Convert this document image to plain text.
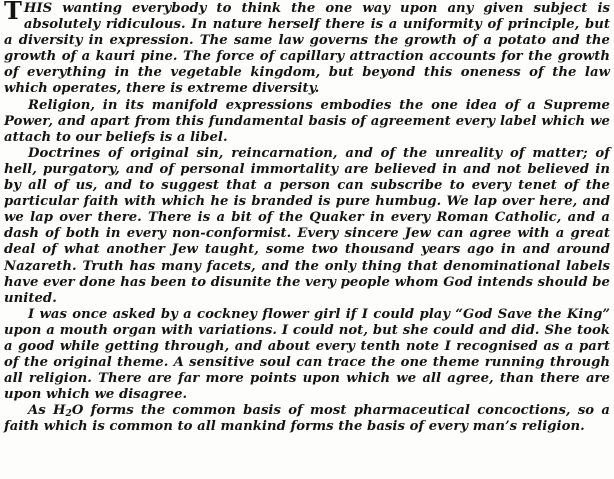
THIS wanting everybody to think the one way upon any given subject is absolutely ridiculous. In nature herself there is a uniformity of principle, but a diversity in expression. The same law governs the growth of a potato and the growth of a kauri pine. The force of capillary attraction accounts for the growth of everything in the vegetable kingdom, but beyond this oneness of the law which operates, there is extreme diversity.

Religion, in its manifold expressions embodies the one idea of a Supreme Power, and apart from this fundamental basis of agreement every label which we attach to our beliefs is a libel.

Doctrines of original sin, reincarnation, and of the unreality of matter; of hell, purgatory, and of personal immortality are believed in and not believed in by all of us, and to suggest that a person can subscribe to every tenet of the particular faith with which he is branded is pure humbug. We lap over here, and we lap over there. There is a bit of the Quaker in every Roman Catholic, and a dash of both in every non-conformist. Every sincere Jew can agree with a great deal of what another Jew taught, some two thousand years ago in and around Nazareth. Truth has many facets, and the only thing that denominational labels have ever done has been to disunite the very people whom God intends should be united.

I was once asked by a cockney flower girl if I could play “God Save the King” upon a mouth organ with variations. I could not, but she could and did. She took a good while getting through, and about every tenth note I recognised as a part of the original theme. A sensitive soul can trace the one theme running through all religion. There are far more points upon which we all agree, than there are upon which we disagree.

As $H_2O$ forms the common basis of most pharmaceutical concoctions, so a faith which is common to all mankind forms the basis of every man’s religion.
